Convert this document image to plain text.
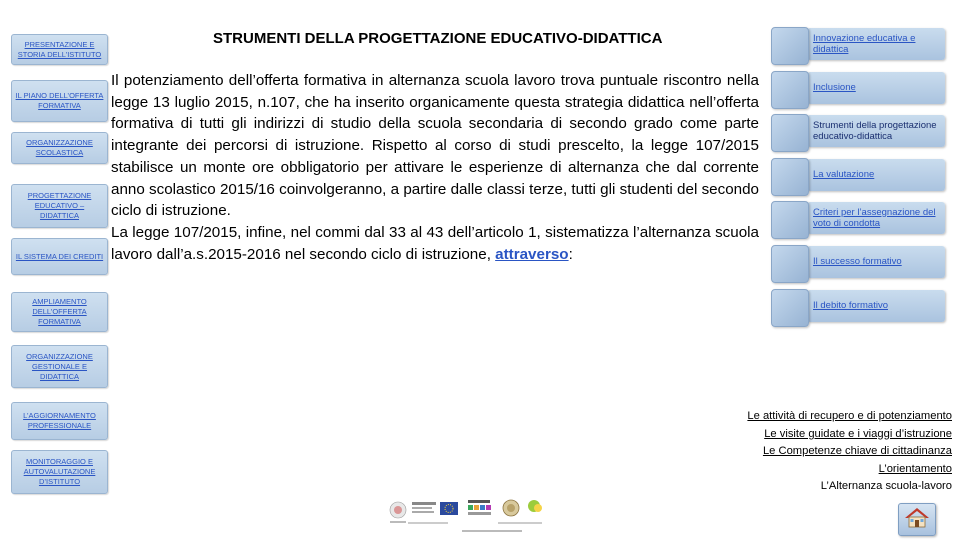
STRUMENTI DELLA PROGETTAZIONE EDUCATIVO-DIDATTICA
PRESENTAZIONE E STORIA DELL’ISTITUTO
IL PIANO DELL’OFFERTA FORMATIVA
ORGANIZZAZIONE SCOLASTICA
PROGETTAZIONE EDUCATIVO – DIDATTICA
IL SISTEMA DEI CREDITI
AMPLIAMENTO DELL’OFFERTA FORMATIVA
ORGANIZZAZIONE GESTIONALE E DIDATTICA
L’AGGIORNAMENTO PROFESSIONALE
MONITORAGGIO E AUTOVALUTAZIONE D’ISTITUTO
Il potenziamento dell’offerta formativa in alternanza scuola lavoro trova puntuale riscontro nella legge 13 luglio 2015, n.107, che ha inserito organicamente questa strategia didattica nell’offerta formativa di tutti gli indirizzi di studio della scuola secondaria di secondo grado come parte integrante dei percorsi di istruzione. Rispetto al corso di studi prescelto, la legge 107/2015 stabilisce un monte ore obbligatorio per attivare le esperienze di alternanza che dal corrente anno scolastico 2015/16 coinvolgeranno, a partire dalle classi terze, tutti gli studenti del secondo ciclo di istruzione.
La legge 107/2015, infine, nel commi dal 33 al 43 dell’articolo 1, sistematizza l’alternanza scuola lavoro dall’a.s.2015-2016 nel secondo ciclo di istruzione, attraverso:
Innovazione educativa e didattica
Inclusione
Strumenti della progettazione educativo-didattica
La valutazione
Criteri per l’assegnazione del voto di condotta
Il successo formativo
Il debito formativo
Le attività di recupero e di potenziamento
Le visite guidate e i viaggi d’istruzione
Le Competenze chiave di cittadinanza
L’orientamento
L’Alternanza scuola-lavoro
